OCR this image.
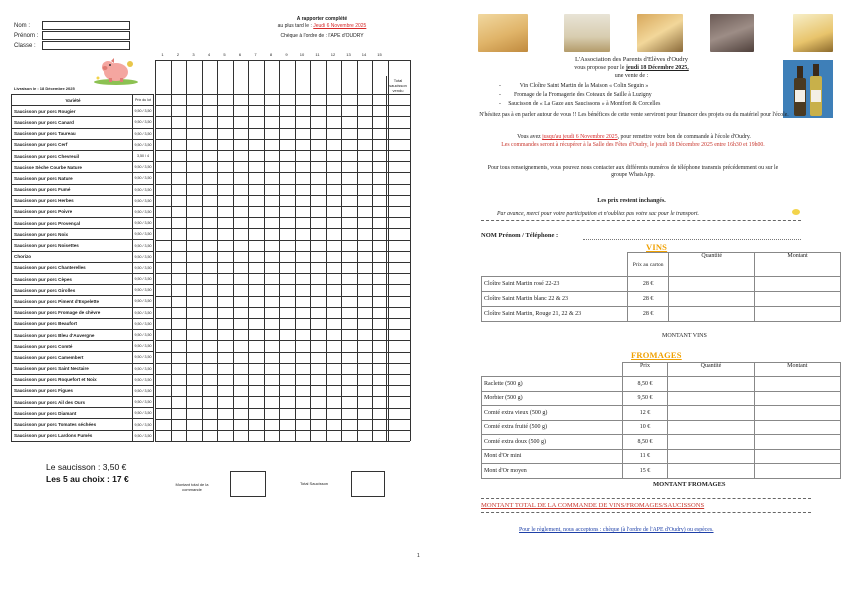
Nom :
Prénom :
Classe :
A rapporter complété
au plus tard le : Jeudi 6 Novembre 2025
Chèque à l'ordre de : l'APE d'OUDRY
Livraison le : 18 Décembre 2025
1	2	3	4	5	6	7	8	9	10	11	12	13	14	15
Total saucisson vendu
Variété	Prix du lot
Saucisson pur porc Rougier	9,50 / 3,50
Saucisson pur porc Canard	9,50 / 3,50
Saucisson pur porc Taureau	9,50 / 3,50
Saucisson pur porc Cerf	9,50 / 3,50
Saucisson pur porc Chevreuil	3,50 / 4
Saucisse Sèche Courbe Nature	9,50 / 3,50
Saucisson pur porc Nature	9,50 / 3,50
Saucisson pur porc Fumé	9,50 / 3,50
Saucisson pur porc Herbes	9,50 / 3,50
Saucisson pur porc Poivre	9,50 / 3,50
Saucisson pur porc Provençal	9,50 / 3,50
Saucisson pur porc Noix	9,50 / 3,50
Saucisson pur porc Noisettes	9,50 / 3,50
Chorizo	9,50 / 3,50
Saucisson pur porc Chanterelles	9,50 / 3,50
Saucisson pur porc Cèpes	9,50 / 3,50
Saucisson pur porc Girolles	9,50 / 3,50
Saucisson pur porc Piment d'Espelette	9,50 / 3,50
Saucisson pur porc Fromage de chèvre	9,50 / 3,50
Saucisson pur porc Beaufort	9,50 / 3,50
Saucisson pur porc Bleu d'Auvergne	9,50 / 3,50
Saucisson pur porc Comté	9,50 / 3,50
Saucisson pur porc Camembert	9,50 / 3,50
Saucisson pur porc Saint Nectaire	9,50 / 3,50
Saucisson pur porc Roquefort et Noix	9,50 / 3,50
Saucisson pur porc Figues	9,50 / 3,50
Saucisson pur porc Ail des Ours	9,50 / 3,50
Saucisson pur porc Diamant	9,50 / 3,50
Saucisson pur porc Tomates séchées	9,50 / 3,50
Saucisson pur porc Lardons Fumés	9,50 / 3,50
Le saucisson : 3,50 €
Les 5 au choix : 17 €
Montant total de la commande
Total Saucisson
1
L'Association des Parents d'Elèves d'Oudry
vous propose pour le jeudi 18 Décembre 2025,
une vente de :
-             Vin Cloître Saint Martin de la Maison « Colin Seguin »
-         Fromage de la Fromagerie des Coteaux de Saille à Luzigny
-     Saucisson de « La Gaze aux Saucissons » à Montfort & Corcelles
N'hésitez pas à en parler autour de vous !! Les bénéfices de cette vente serviront pour financer des projets ou du matériel pour l'école.
Vous avez jusqu'au jeudi 6 Novembre 2025, pour remettre votre bon de commande à l'école d'Oudry.
Les commandes seront à récupérer à la Salle des Fêtes d'Oudry, le jeudi 18 Décembre 2025 entre 16h30 et 19h00.
Pour tous renseignements, vous pouvez nous contacter aux différents numéros de téléphone transmis précédemment ou sur le groupe WhatsApp.
Les prix restent inchangés.
Par avance, merci pour votre participation et n'oubliez pas votre sac pour le transport.
NOM Prénom / Téléphone :
VINS
	Prix au carton	Quantité	Montant
Cloître Saint Martin rosé 22-23	28 €		
Cloître Saint Martin blanc 22 & 23	28 €		
Cloître Saint Martin, Rouge 21, 22 & 23	28 €		
MONTANT VINS
FROMAGES
	Prix	Quantité	Montant
Raclette (500 g)	8,50 €		
Morbier (500 g)	9,50 €		
Comté extra vieux (500 g)	12 €		
Comté extra fruité (500 g)	10 €		
Comté extra doux (500 g)	8,50 €		
Mont d'Or mini	11 €		
Mont d'Or moyen	15 €		
MONTANT FROMAGES
MONTANT TOTAL DE LA COMMANDE DE VINS/FROMAGES/SAUCISSONS
Pour le règlement, nous acceptons : chèque (à l'ordre de l'APE d'Oudry) ou espèces.
